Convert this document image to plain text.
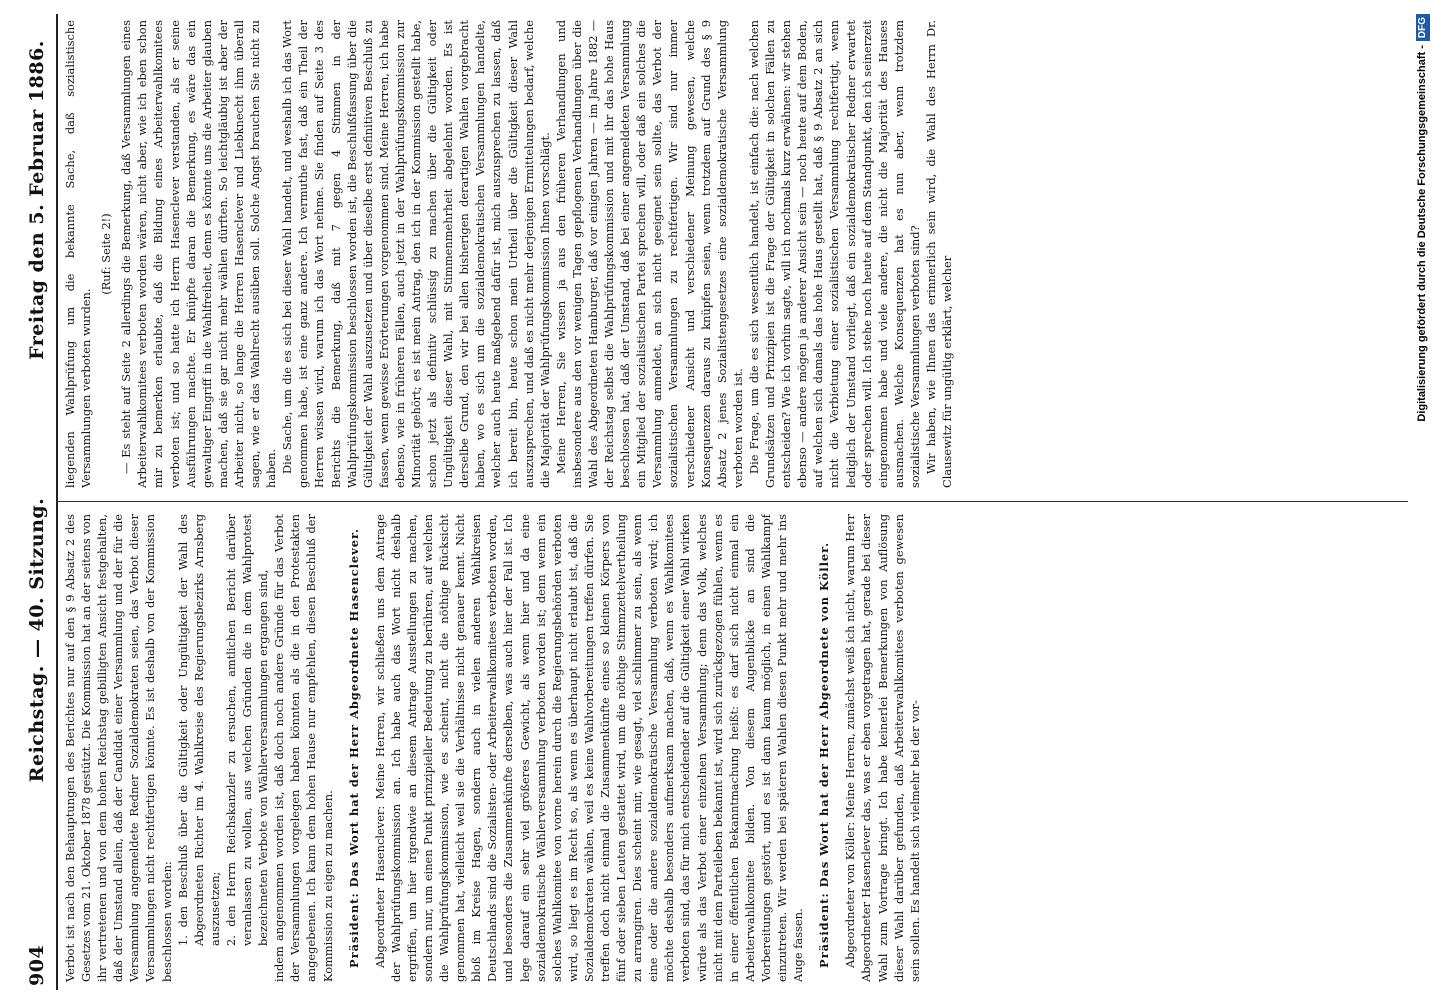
904
Reichstag. — 40. Sitzung.
Freitag den 5. Februar 1886.

Verbot ist nach den Behauptungen des Berichtes nur auf den § 9 Absatz 2 des Gesetzes vom 21. Oktober 1878 gestützt. Die Kommission hat an der seitens von ihr vertretenen und von dem hohen Reichstag gebilligten Ansicht festgehalten, daß der Umstand allein, daß der Candidat einer Versammlung und der für die Versammlung angemeldete Redner Sozialdemokraten seien, das Verbot dieser Versammlungen nicht rechtfertigen könnte. Es ist deshalb von der Kommission beschlossen worden: 1. den Beschluß über die Gültigkeit oder Ungültigkeit der Wahl des Abgeordneten Richter im 4. Wahlkreise des Regierungsbezirks Arnsberg auszusetzen; 2. den Herrn Reichskanzler zu ersuchen, amtlichen Bericht darüber veranlassen zu wollen, aus welchen Gründen die in dem Wahlprotest bezeichneten Verbote von Wählerversammlungen ergangen sind, indem angenommen worden ist, daß doch noch andere Gründe für das Verbot der Versammlungen vorgelegen haben könnten als die in den Protestakten angegebenen. Ich kann dem hohen Hause nur empfehlen, diesen Beschluß der Kommission zu eigen zu machen. Präsident: Das Wort hat der Herr Abgeordnete Hasenclever. Abgeordneter Hasenclever: Meine Herren, wir schließen uns dem Antrage der Wahlprüfungskommission an. Ich habe auch das Wort nicht deshalb ergriffen, um hier irgendwie an diesem Antrage Ausstellungen zu machen, sondern nur, um einen Punkt prinzipieller Bedeutung zu berühren, auf welchen die Wahlprüfungskommission, wie es scheint, nicht die nöthige Rücksicht genommen hat, vielleicht weil sie die Verhältnisse nicht genauer kennt. Nicht bloß im Kreise Hagen, sondern auch in vielen anderen Wahlkreisen Deutschlands sind die Sozialisten- oder Arbeiterwahlkomitees verboten worden, und besonders die Zusammenkünfte derselben, was auch hier der Fall ist. Ich lege darauf ein sehr viel größeres Gewicht, als wenn hier und da eine sozialdemokratische Wählerversammlung verboten worden ist; denn wenn ein solches Wahlkomitee von vorne herein durch die Regierungsbehörden verboten wird, so liegt es im Recht so, als wenn es überhaupt nicht erlaubt ist, daß die Sozialdemokraten wählen, weil es keine Wahlvorbereitungen treffen dürfen. Sie treffen doch nicht einmal die Zusammenkünfte eines so kleinen Körpers von fünf oder sieben Leuten gestattet wird, um die nöthige Stimmzettelvertheilung zu arrangiren. Dies scheint mir, wie gesagt, viel schlimmer zu sein, als wenn eine oder die andere sozialdemokratische Versammlung verboten wird; ich möchte deshalb besonders aufmerksam machen, daß, wenn es Wahlkomitees verboten sind, das für mich entscheidender auf die Gültigkeit einer Wahl wirken würde als das Verbot einer einzelnen Versammlung; denn das Volk, welches nicht mit dem Parteileben bekannt ist, wird sich zurückgezogen fühlen, wenn es in einer öffentlichen Bekanntmachung heißt: es darf sich nicht einmal ein Arbeiterwahlkomitee bilden. Von diesem Augenblicke an sind die Vorbereitungen gestört, und es ist dann kaum möglich, in einen Wahlkampf einzutreten. Wir werden bei späteren Wahlen diesen Punkt mehr und mehr ins Auge fassen. Präsident: Das Wort hat der Herr Abgeordnete von Köller. Abgeordneter von Köller: Meine Herren, zunächst weiß ich nicht, warum Herr Abgeordneter Hasenclever das, was er eben vorgetragen hat, gerade bei dieser Wahl zum Vortrage bringt. Ich habe keinerlei Bemerkungen von Auflösung dieser Wahl darüber gefunden, daß Arbeiterwahlkomitees verboten gewesen sein sollen. Es handelt sich vielmehr bei der vor-

liegenden Wahlprüfung um die bekannte Sache, daß sozialistische Versammlungen verboten wurden.

(Ruf: Seite 2!) — Es steht auf Seite 2 allerdings die Bemerkung, daß Versammlungen eines Arbeiterwahlkomitees verboten worden wären, nicht aber, wie ich eben schon mir zu bemerken erlaubte, daß die Bildung eines Arbeiterwahlkomitees verboten ist; und so hatte ich Herrn Hasenclever verstanden, als er seine Ausführungen machte. Er knüpfte daran die Bemerkung, es wäre das ein gewaltiger Eingriff in die Wahlfreiheit, denn es könnte uns die Arbeiter glauben machen, daß sie gar nicht mehr wählen dürften. So leichtgläubig ist aber der Arbeiter nicht, so lange die Herren Hasenclever und Liebknecht ihm überall sagen, wie er das Wahlrecht ausüben soll. Solche Angst brauchen Sie nicht zu haben. Die Sache, um die es sich bei dieser Wahl handelt, und weshalb ich das Wort genommen habe, ist eine ganz andere. Ich vermuthe fast, daß ein Theil der Herren wissen wird, warum ich das Wort nehme. Sie finden auf Seite 3 des Berichts die Bemerkung, daß mit 7 gegen 4 Stimmen in der Wahlprüfungskommission beschlossen worden ist, die Beschlußfassung über die Gültigkeit der Wahl auszusetzen und über dieselbe erst definitiven Beschluß zu fassen, wenn gewisse Erörterungen vorgenommen sind. Meine Herren, ich habe ebenso, wie in früheren Fällen, auch jetzt in der Wahlprüfungskommission zur Minorität gehört; es ist mein Antrag, den ich in der Kommission gestellt habe, schon jetzt als definitiv schlüssig zu machen über die Gültigkeit oder Ungültigkeit dieser Wahl, mit Stimmenmehrheit abgelehnt worden. Es ist derselbe Grund, den wir bei allen bisherigen derartigen Wahlen vorgebracht haben, wo es sich um die sozialdemokratischen Versammlungen handelte, welcher auch heute maßgebend dafür ist, mich auszusprechen zu lassen, daß ich bereit bin, heute schon mein Urtheil über die Gültigkeit dieser Wahl auszusprechen, und daß es nicht mehr derjenigen Ermittelungen bedarf, welche die Majorität der Wahlprüfungskommission Ihnen vorschlägt. Meine Herren, Sie wissen ja aus den früheren Verhandlungen und insbesondere aus den vor wenigen Tagen gepflogenen Verhandlungen über die Wahl des Abgeordneten Hamburger, daß vor einigen Jahren — im Jahre 1882 — der Reichstag selbst die Wahlprüfungskommission und mit ihr das hohe Haus beschlossen hat, daß der Umstand, daß bei einer angemeldeten Versammlung ein Mitglied der sozialistischen Partei sprechen will, oder daß ein solches die Versammlung anmeldet, an sich nicht geeignet sein sollte, das Verbot der sozialistischen Versammlungen zu rechtfertigen. Wir sind nur immer verschiedener Ansicht und verschiedener Meinung gewesen, welche Konsequenzen daraus zu knüpfen seien, wenn trotzdem auf Grund des § 9 Absatz 2 jenes Sozialistengesetzes eine sozialdemokratische Versammlung verboten worden ist. Die Frage, um die es sich wesentlich handelt, ist einfach die: nach welchen Grundsätzen und Prinzipien ist die Frage der Gültigkeit in solchen Fällen zu entscheiden? Wie ich vorhin sagte, will ich nochmals kurz erwähnen: wir stehen ebenso — andere mögen ja anderer Ansicht sein — noch heute auf dem Boden, auf welchen sich damals das hohe Haus gestellt hat, daß § 9 Absatz 2 an sich nicht die Verbietung einer sozialistischen Versammlung rechtfertigt, wenn lediglich der Umstand vorliegt, daß ein sozialdemokratischer Redner erwartet oder sprechen will. Ich stehe noch heute auf dem Standpunkt, den ich seinerzeit eingenommen habe und viele andere, die nicht die Majorität des Hauses ausmachen. Welche Konsequenzen hat es nun aber, wenn trotzdem sozialistische Versammlungen verboten sind? Wir haben, wie Ihnen das erinnerlich sein wird, die Wahl des Herrn Dr. Clausewitz für ungültig erklärt, welcher	Digitalisierung gefördert durch die Deutsche Forschungsgemeinschaft -DFG
